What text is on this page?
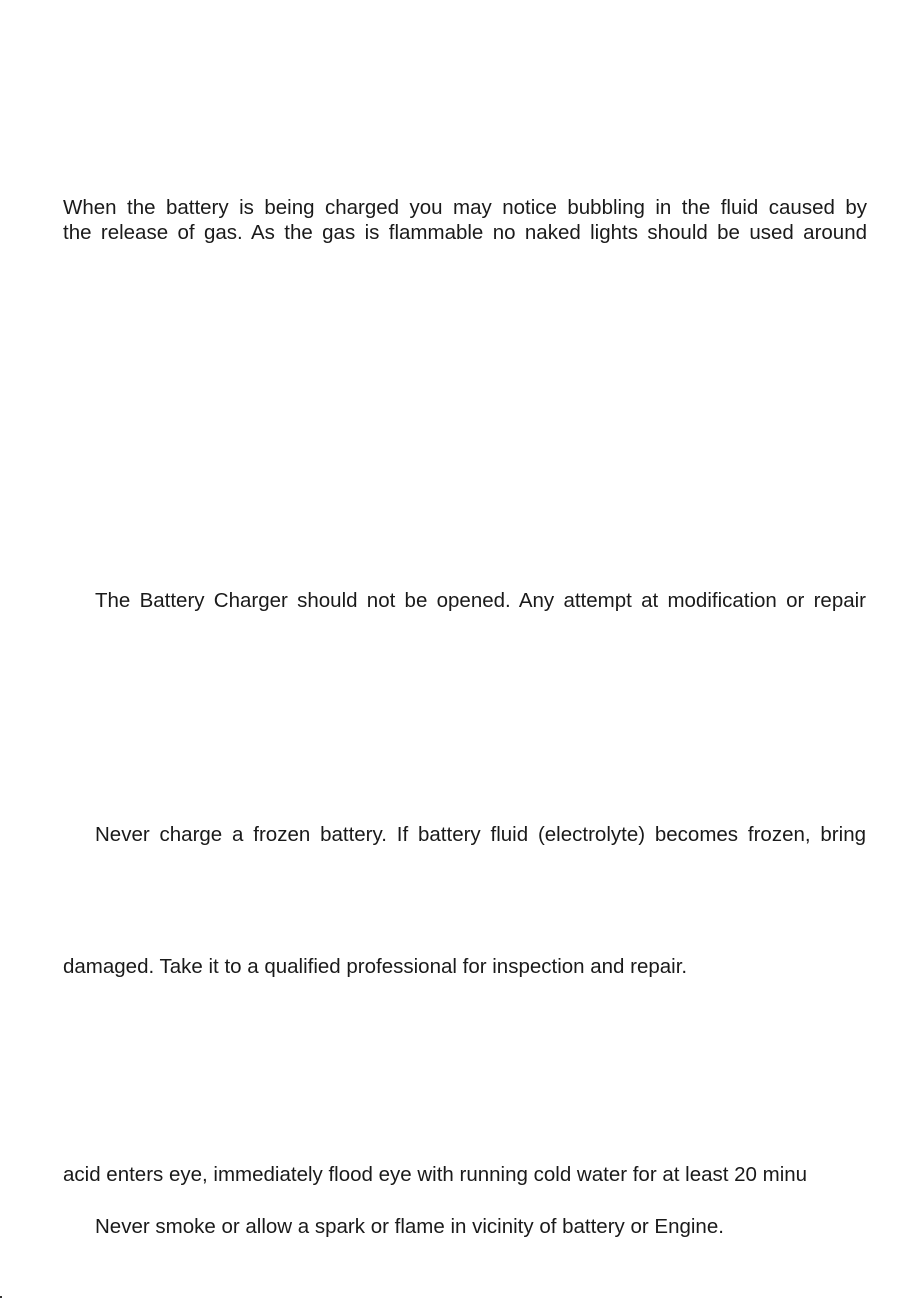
When the battery is being charged you may notice bubbling in the fluid caused by
the release of gas. As the gas is flammable no naked lights should be used around
The Battery Charger should not be opened. Any attempt at modification or repair
Never charge a frozen battery. If battery fluid (electrolyte) becomes frozen, bring
damaged. Take it to a qualified professional for inspection and repair.
acid enters eye, immediately flood eye with running cold water for at least 20 minu
Never smoke or allow a spark or flame in vicinity of battery or Engine.
